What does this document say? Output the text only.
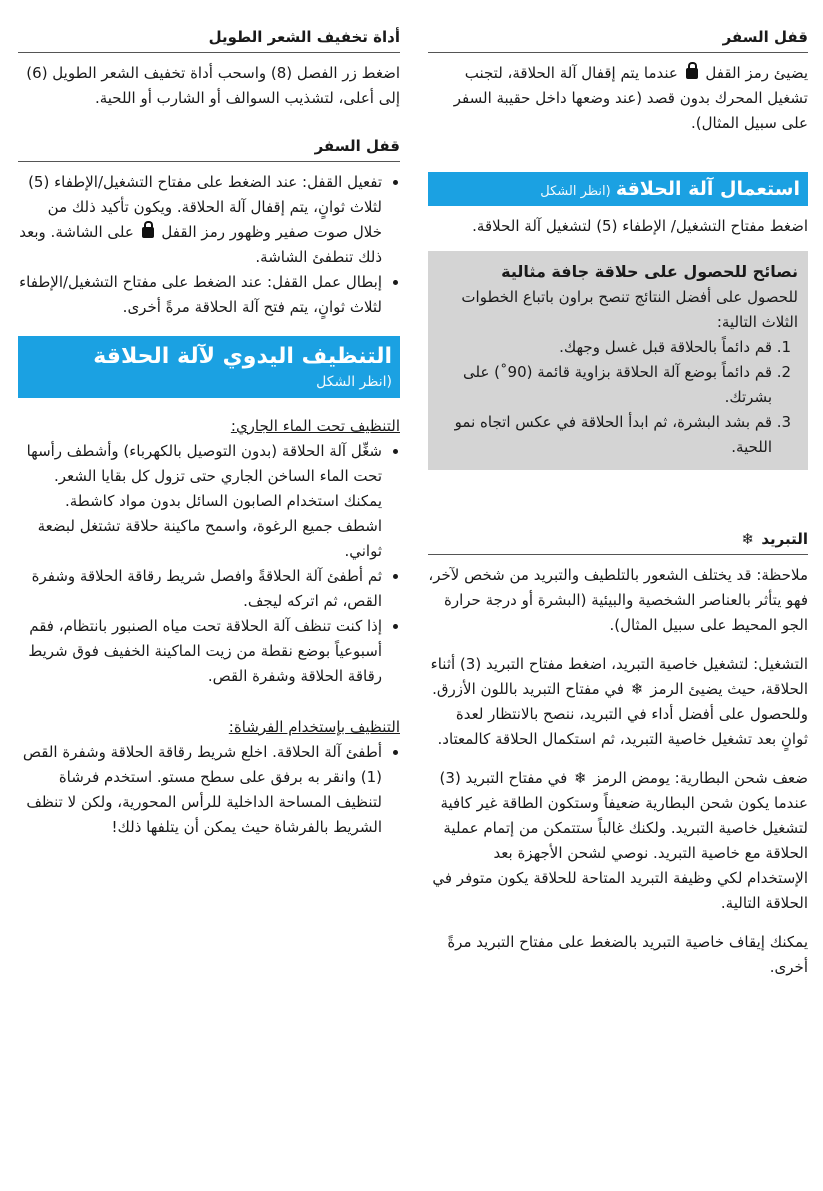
قفل السفر

يضيئ رمز القفل  عندما يتم إقفال آلة الحلاقة، لتجنب تشغيل المحرك بدون قصد (عند وضعها داخل حقيبة السفر على سبيل المثال).

استعمال آلة الحلاقة (انظر الشكل

اضغط مفتاح التشغيل/ الإطفاء (5) لتشغيل آلة الحلاقة.

نصائح للحصول على حلاقة جافة مثالية

للحصول على أفضل النتائج تنصح براون باتباع الخطوات الثلاث التالية:

1. قم دائماً بالحلاقة قبل غسل وجهك.
2. قم دائماً بوضع آلة الحلاقة بزاوية قائمة (90˚) على بشرتك.
3. قم بشد البشرة، ثم ابدأ الحلاقة في عكس اتجاه نمو اللحية.
التبريد ❄

ملاحظة: قد يختلف الشعور بالتلطيف والتبريد من شخص لآخر، فهو يتأثر بالعناصر الشخصية والبيئية (البشرة أو درجة حرارة الجو المحيط على سبيل المثال).

التشغيل: لتشغيل خاصية التبريد، اضغط مفتاح التبريد (3) أثناء الحلاقة، حيث يضيئ الرمز ❄ في مفتاح التبريد باللون الأزرق. وللحصول على أفضل أداء في التبريد، ننصح بالانتظار لعدة ثوانٍ بعد تشغيل خاصية التبريد، ثم استكمال الحلاقة كالمعتاد.

ضعف شحن البطارية: يومض الرمز ❄ في مفتاح التبريد (3) عندما يكون شحن البطارية ضعيفاً وستكون الطاقة غير كافية لتشغيل خاصية التبريد. ولكنك غالباً ستتمكن من إتمام عملية الحلاقة مع خاصية التبريد. نوصي لشحن الأجهزة بعد الإستخدام لكي وظيفة التبريد المتاحة للحلاقة يكون متوفر في الحلاقة التالية.

يمكنك إيقاف خاصية التبريد بالضغط على مفتاح التبريد مرةً أخرى.

أداة تخفيف الشعر الطويل

اضغط زر الفصل (8) واسحب أداة تخفيف الشعر الطويل (6) إلى أعلى، لتشذيب السوالف أو الشارب أو اللحية.

قفل السفر
• تفعيل القفل: عند الضغط على مفتاح التشغيل/الإطفاء (5) لثلاث ثوانٍ، يتم إقفال آلة الحلاقة. ويكون تأكيد ذلك من خلال صوت صفير وظهور رمز القفل  على الشاشة. وبعد ذلك تنطفئ الشاشة.
• إبطال عمل القفل: عند الضغط على مفتاح التشغيل/الإطفاء لثلاث ثوانٍ، يتم فتح آلة الحلاقة مرةً أخرى.
التنظيف اليدوي لآلة الحلاقة
(انظر الشكل
التنظيف تحت الماء الجاري:
• شغِّل آلة الحلاقة (بدون التوصيل بالكهرباء) وأشطف رأسها تحت الماء الساخن الجاري حتى تزول كل بقايا الشعر. يمكنك استخدام الصابون السائل بدون مواد كاشطة. اشطف جميع الرغوة، واسمح ماكينة حلاقة تشتغل لبضعة ثواني.
• ثم أطفئ آلة الحلاقةً وافصل شريط رقاقة الحلاقة وشفرة القص، ثم اتركه ليجف.
• إذا كنت تنظف آلة الحلاقة تحت مياه الصنبور بانتظام، فقم أسبوعياً بوضع نقطة من زيت الماكينة الخفيف فوق شريط رقاقة الحلاقة وشفرة القص.
التنظيف بإستخدام الفرشاة:
• أطفئ آلة الحلاقة. اخلع شريط رقاقة الحلاقة وشفرة القص (1) وانقر به برفق على سطح مستو. استخدم فرشاة لتنظيف المساحة الداخلية للرأس المحورية، ولكن لا تنظف الشريط بالفرشاة حيث يمكن أن يتلفها ذلك!
